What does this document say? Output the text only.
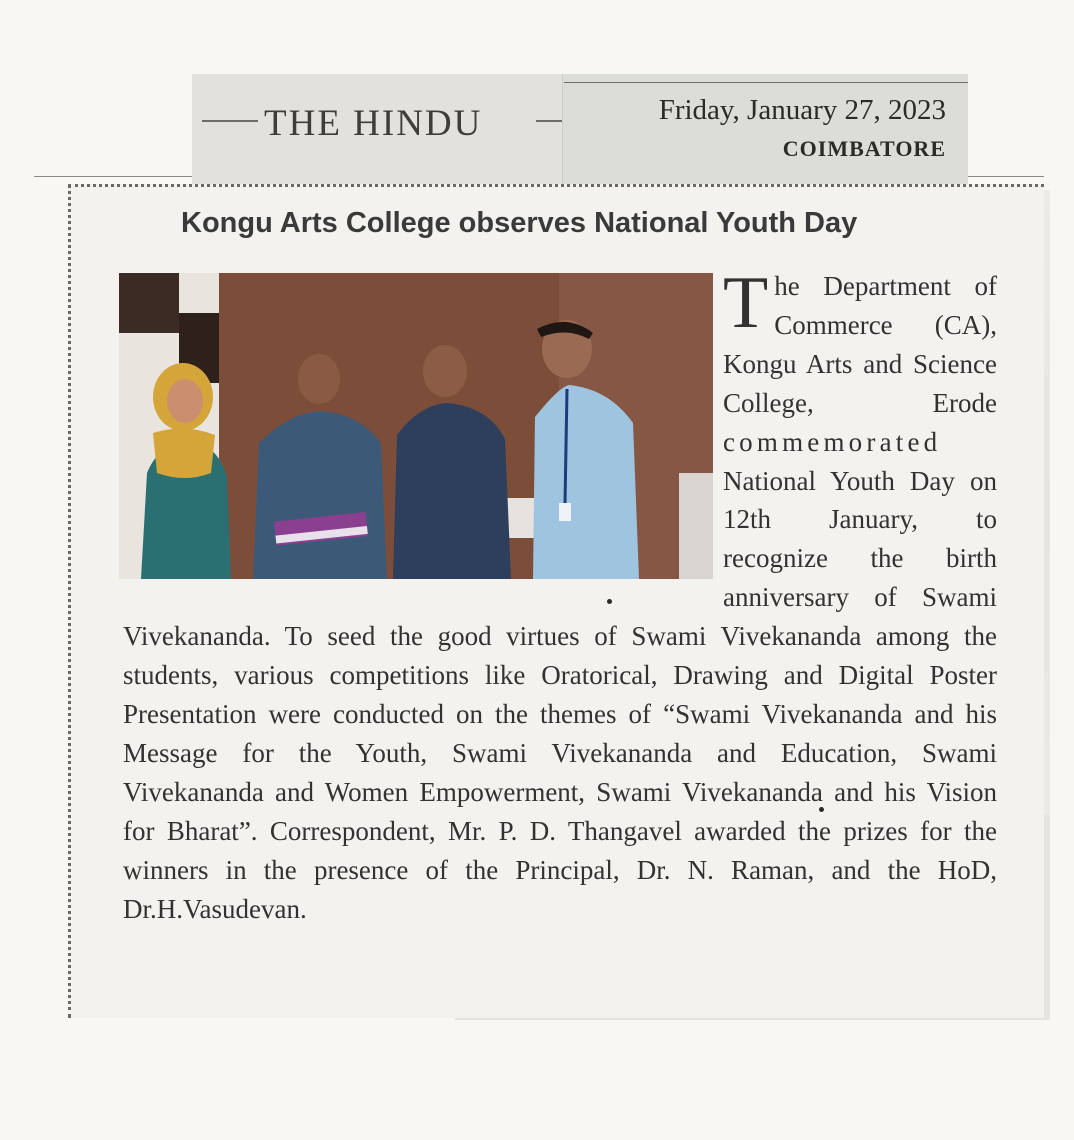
THE HINDU	Friday, January 27, 2023
COIMBATORE
Kongu Arts College observes National Youth Day
The Department of Commerce (CA), Kongu Arts and Science College, Erode commemorated National Youth Day on 12th January, to recognize the birth anniversary of Swami Vivekananda. To seed the good virtues of Swami Vivekananda among the students, various competitions like Oratorical, Drawing and Digital Poster Presentation were conducted on the themes of “Swami Vivekananda and his Message for the Youth, Swami Vivekananda and Education, Swami Vivekananda and Women Empowerment, Swami Vivekananda and his Vision for Bharat”. Correspondent, Mr. P. D. Thangavel awarded the prizes for the winners in the presence of the Principal, Dr. N. Raman, and the HoD, Dr.H.Vasudevan.
